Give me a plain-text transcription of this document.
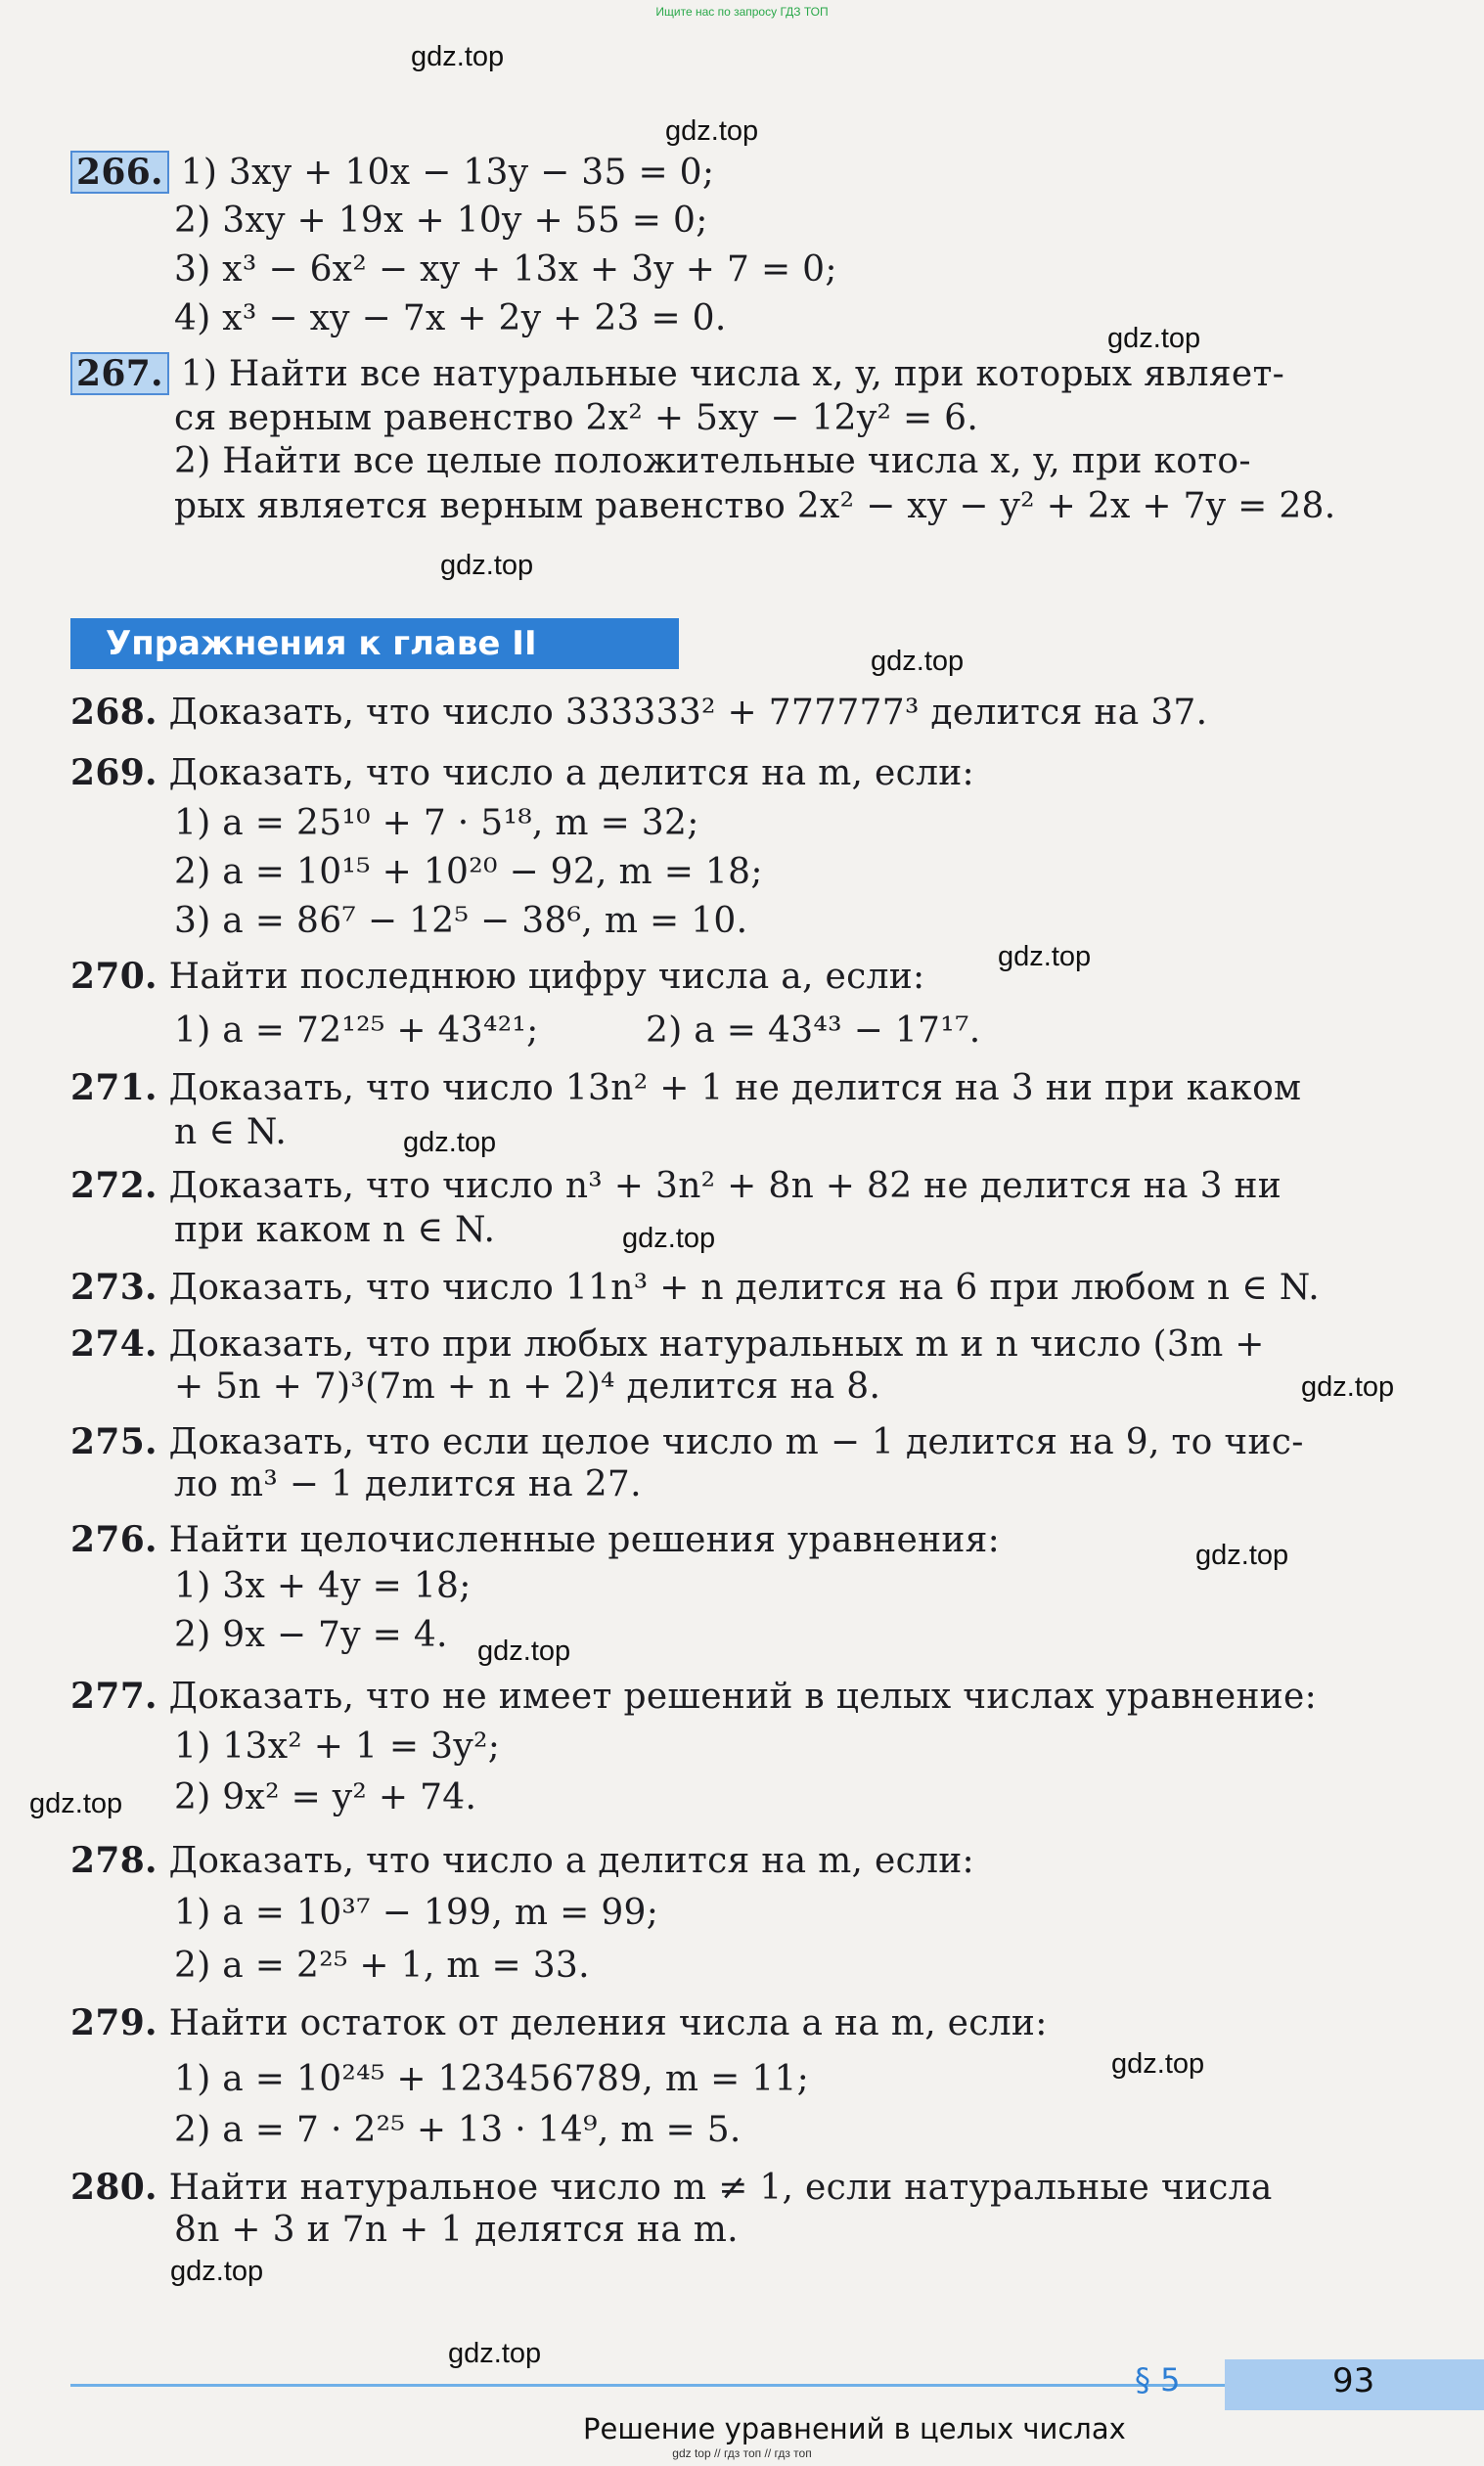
Ищите нас по запросу ГДЗ ТОП
gdz.top
gdz.top
gdz.top
gdz.top
gdz.top
gdz.top
gdz.top
gdz.top
gdz.top
gdz.top
gdz.top
gdz.top
gdz.top
gdz.top
gdz.top
266. 1) 3xy + 10x − 13y − 35 = 0;
2) 3xy + 19x + 10y + 55 = 0;
3) x³ − 6x² − xy + 13x + 3y + 7 = 0;
4) x³ − xy − 7x + 2y + 23 = 0.
267. 1) Найти все натуральные числа x, y, при которых являет-
ся верным равенство 2x² + 5xy − 12y² = 6.
2) Найти все целые положительные числа x, y, при кото-
рых является верным равенство 2x² − xy − y² + 2x + 7y = 28.
Упражнения к главе II
268. Доказать, что число 333333² + 777777³ делится на 37.
269. Доказать, что число a делится на m, если:
1) a = 25¹⁰ + 7 · 5¹⁸, m = 32;
2) a = 10¹⁵ + 10²⁰ − 92, m = 18;
3) a = 86⁷ − 12⁵ − 38⁶, m = 10.
270. Найти последнюю цифру числа a, если:
1) a = 72¹²⁵ + 43⁴²¹;	2) a = 43⁴³ − 17¹⁷.
271. Доказать, что число 13n² + 1 не делится на 3 ни при каком
n ∈ N.
272. Доказать, что число n³ + 3n² + 8n + 82 не делится на 3 ни
при каком n ∈ N.
273. Доказать, что число 11n³ + n делится на 6 при любом n ∈ N.
274. Доказать, что при любых натуральных m и n число (3m +
+ 5n + 7)³(7m + n + 2)⁴ делится на 8.
275. Доказать, что если целое число m − 1 делится на 9, то чис-
ло m³ − 1 делится на 27.
276. Найти целочисленные решения уравнения:
1) 3x + 4y = 18;
2) 9x − 7y = 4.
277. Доказать, что не имеет решений в целых числах уравнение:
1) 13x² + 1 = 3y²;
2) 9x² = y² + 74.
278. Доказать, что число a делится на m, если:
1) a = 10³⁷ − 199, m = 99;
2) a = 2²⁵ + 1, m = 33.
279. Найти остаток от деления числа a на m, если:
1) a = 10²⁴⁵ + 123456789, m = 11;
2) a = 7 · 2²⁵ + 13 · 14⁹, m = 5.
280. Найти натуральное число m ≠ 1, если натуральные числа
8n + 3 и 7n + 1 делятся на m.
§ 5	93
Решение уравнений в целых числах
gdz top // гдз топ // гдз топ
